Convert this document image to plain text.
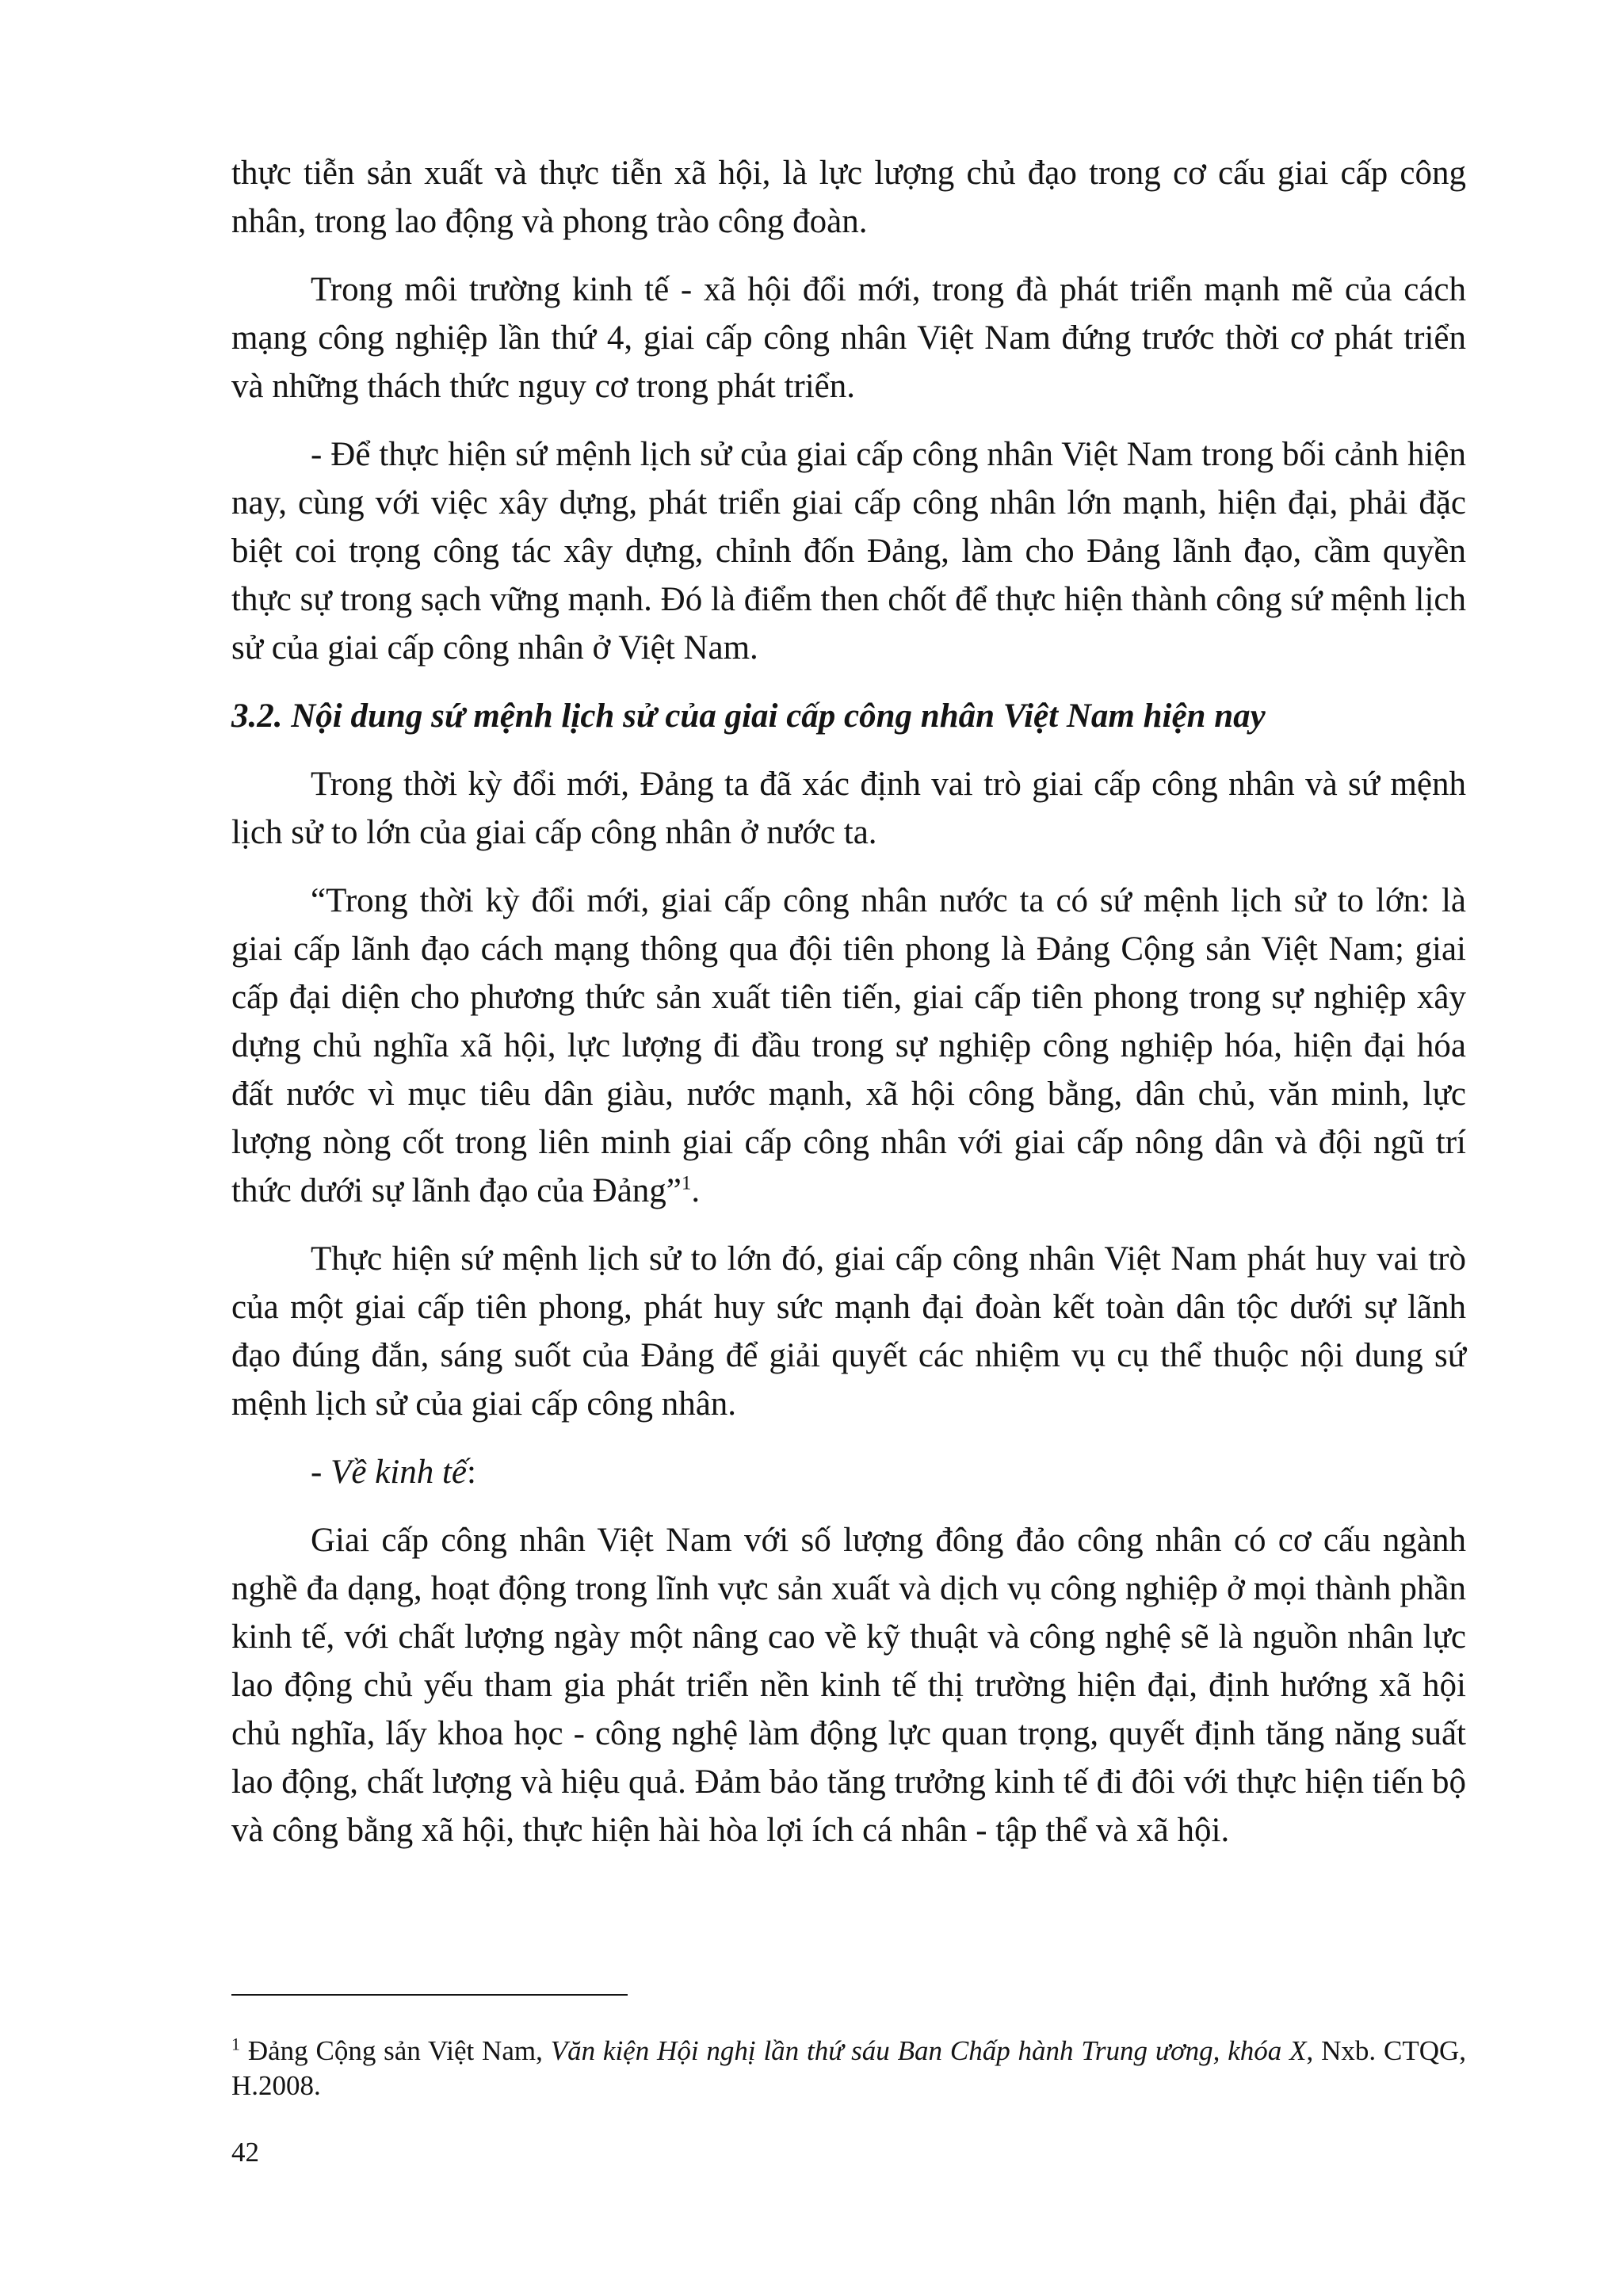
thực tiễn sản xuất và thực tiễn xã hội, là lực lượng chủ đạo trong cơ cấu giai cấp công nhân, trong lao động và phong trào công đoàn.

Trong môi trường kinh tế - xã hội đổi mới, trong đà phát triển mạnh mẽ của cách mạng công nghiệp lần thứ 4, giai cấp công nhân Việt Nam đứng trước thời cơ phát triển và những thách thức nguy cơ trong phát triển.

- Để thực hiện sứ mệnh lịch sử của giai cấp công nhân Việt Nam trong bối cảnh hiện nay, cùng với việc xây dựng, phát triển giai cấp công nhân lớn mạnh, hiện đại, phải đặc biệt coi trọng công tác xây dựng, chỉnh đốn Đảng, làm cho Đảng lãnh đạo, cầm quyền thực sự trong sạch vững mạnh. Đó là điểm then chốt để thực hiện thành công sứ mệnh lịch sử của giai cấp công nhân ở Việt Nam.

3.2. Nội dung sứ mệnh lịch sử của giai cấp công nhân Việt Nam hiện nay

Trong thời kỳ đổi mới, Đảng ta đã xác định vai trò giai cấp công nhân và sứ mệnh lịch sử to lớn của giai cấp công nhân ở nước ta.

“Trong thời kỳ đổi mới, giai cấp công nhân nước ta có sứ mệnh lịch sử to lớn: là giai cấp lãnh đạo cách mạng thông qua đội tiên phong là Đảng Cộng sản Việt Nam; giai cấp đại diện cho phương thức sản xuất tiên tiến, giai cấp tiên phong trong sự nghiệp xây dựng chủ nghĩa xã hội, lực lượng đi đầu trong sự nghiệp công nghiệp hóa, hiện đại hóa đất nước vì mục tiêu dân giàu, nước mạnh, xã hội công bằng, dân chủ, văn minh, lực lượng nòng cốt trong liên minh giai cấp công nhân với giai cấp nông dân và đội ngũ trí thức dưới sự lãnh đạo của Đảng”$^1$.

Thực hiện sứ mệnh lịch sử to lớn đó, giai cấp công nhân Việt Nam phát huy vai trò của một giai cấp tiên phong, phát huy sức mạnh đại đoàn kết toàn dân tộc dưới sự lãnh đạo đúng đắn, sáng suốt của Đảng để giải quyết các nhiệm vụ cụ thể thuộc nội dung sứ mệnh lịch sử của giai cấp công nhân.

- Về kinh tế:

Giai cấp công nhân Việt Nam với số lượng đông đảo công nhân có cơ cấu ngành nghề đa dạng, hoạt động trong lĩnh vực sản xuất và dịch vụ công nghiệp ở mọi thành phần kinh tế, với chất lượng ngày một nâng cao về kỹ thuật và công nghệ sẽ là nguồn nhân lực lao động chủ yếu tham gia phát triển nền kinh tế thị trường hiện đại, định hướng xã hội chủ nghĩa, lấy khoa học - công nghệ làm động lực quan trọng, quyết định tăng năng suất lao động, chất lượng và hiệu quả. Đảm bảo tăng trưởng kinh tế đi đôi với thực hiện tiến bộ và công bằng xã hội, thực hiện hài hòa lợi ích cá nhân - tập thể và xã hội.

$^1$ Đảng Cộng sản Việt Nam, Văn kiện Hội nghị lần thứ sáu Ban Chấp hành Trung ương, khóa X, Nxb. CTQG, H.2008.

42
